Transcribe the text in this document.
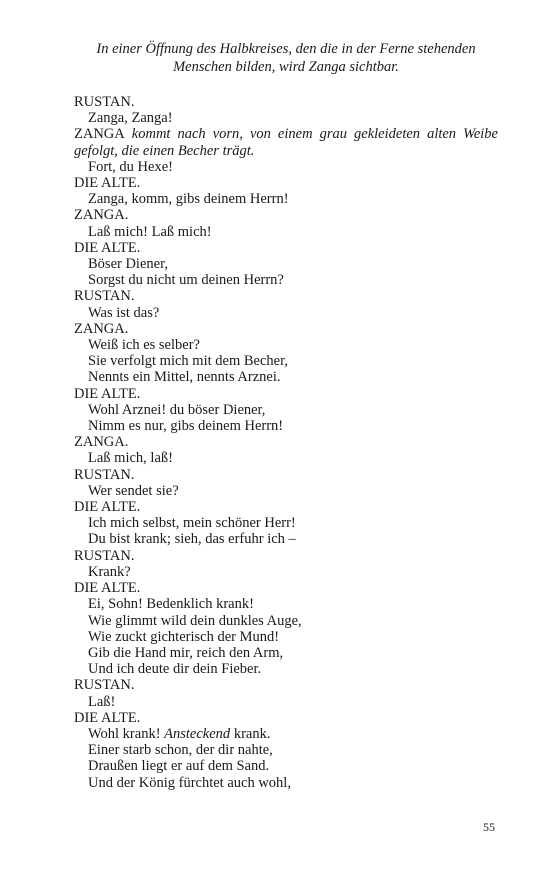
In einer Öffnung des Halbkreises, den die in der Ferne stehenden Menschen bilden, wird Zanga sichtbar.

RUSTAN.
Zanga, Zanga!
ZANGA kommt nach vorn, von einem grau gekleideten alten Weibe gefolgt, die einen Becher trägt.
Fort, du Hexe!
DIE ALTE.
Zanga, komm, gibs deinem Herrn!
ZANGA.
Laß mich! Laß mich!
DIE ALTE.
Böser Diener,
Sorgst du nicht um deinen Herrn?
RUSTAN.
Was ist das?
ZANGA.
Weiß ich es selber?
Sie verfolgt mich mit dem Becher,
Nennts ein Mittel, nennts Arznei.
DIE ALTE.
Wohl Arznei! du böser Diener,
Nimm es nur, gibs deinem Herrn!
ZANGA.
Laß mich, laß!
RUSTAN.
Wer sendet sie?
DIE ALTE.
Ich mich selbst, mein schöner Herr!
Du bist krank; sieh, das erfuhr ich –
RUSTAN.
Krank?
DIE ALTE.
Ei, Sohn! Bedenklich krank!
Wie glimmt wild dein dunkles Auge,
Wie zuckt gichterisch der Mund!
Gib die Hand mir, reich den Arm,
Und ich deute dir dein Fieber.
RUSTAN.
Laß!
DIE ALTE.
Wohl krank! Ansteckend krank.
Einer starb schon, der dir nahte,
Draußen liegt er auf dem Sand.
Und der König fürchtet auch wohl,
55
